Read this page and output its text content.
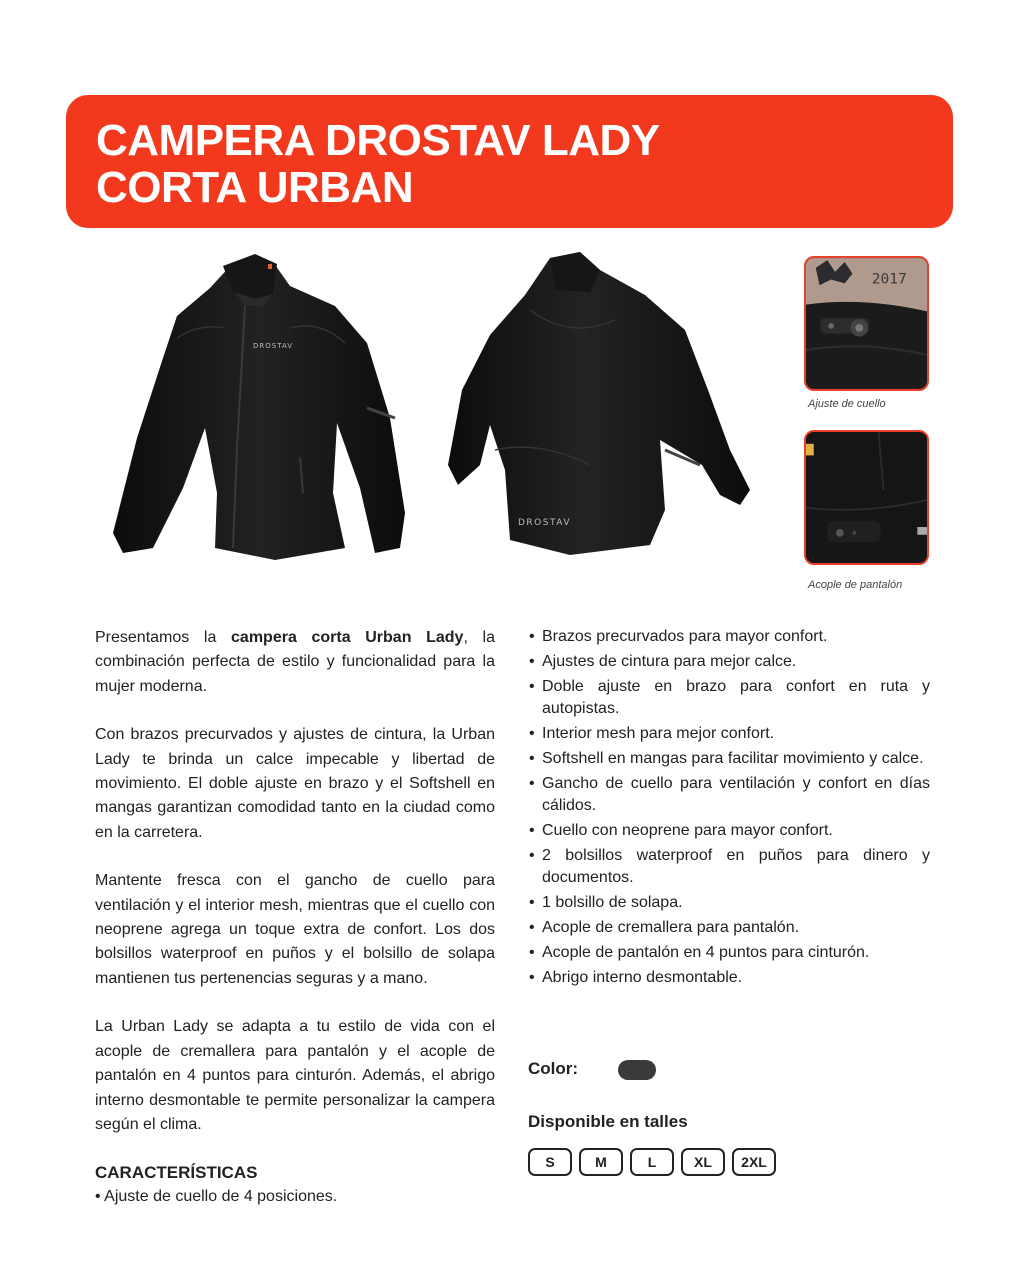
CAMPERA DROSTAV LADY
CORTA URBAN
DROSTAV
DROSTAV
2017
Ajuste de cuello
Acople de pantalón

Presentamos la campera corta Urban Lady, la combinación perfecta de estilo y funcionalidad para la mujer moderna.

Con brazos precurvados y ajustes de cintura, la Urban Lady te brinda un calce impecable y libertad de movimiento. El doble ajuste en brazo y el Softshell en mangas garantizan comodidad tanto en la ciudad como en la carretera.

Mantente fresca con el gancho de cuello para ventilación y el interior mesh, mientras que el cuello con neoprene agrega un toque extra de confort. Los dos bolsillos waterproof en puños y el bolsillo de solapa mantienen tus pertenencias seguras y a mano.

La Urban Lady se adapta a tu estilo de vida con el acople de cremallera para pantalón y el acople de pantalón en 4 puntos para cinturón. Además, el abrigo interno desmontable te permite personalizar la campera según el clima.

CARACTERÍSTICAS
• Ajuste de cuello de 4 posiciones.
• Brazos precurvados para mayor confort.
• Ajustes de cintura para mejor calce.
• Doble ajuste en brazo para confort en ruta y autopistas.
• Interior mesh para mejor confort.
• Softshell en mangas para facilitar movimiento y calce.
• Gancho de cuello para ventilación y confort en días cálidos.
• Cuello con neoprene para mayor confort.
• 2 bolsillos waterproof en puños para dinero y documentos.
• 1 bolsillo de solapa.
• Acople de cremallera para pantalón.
• Acople de pantalón en 4 puntos para cinturón.
• Abrigo interno desmontable.
Color:
Disponible en talles
S	M	L	XL	2XL
